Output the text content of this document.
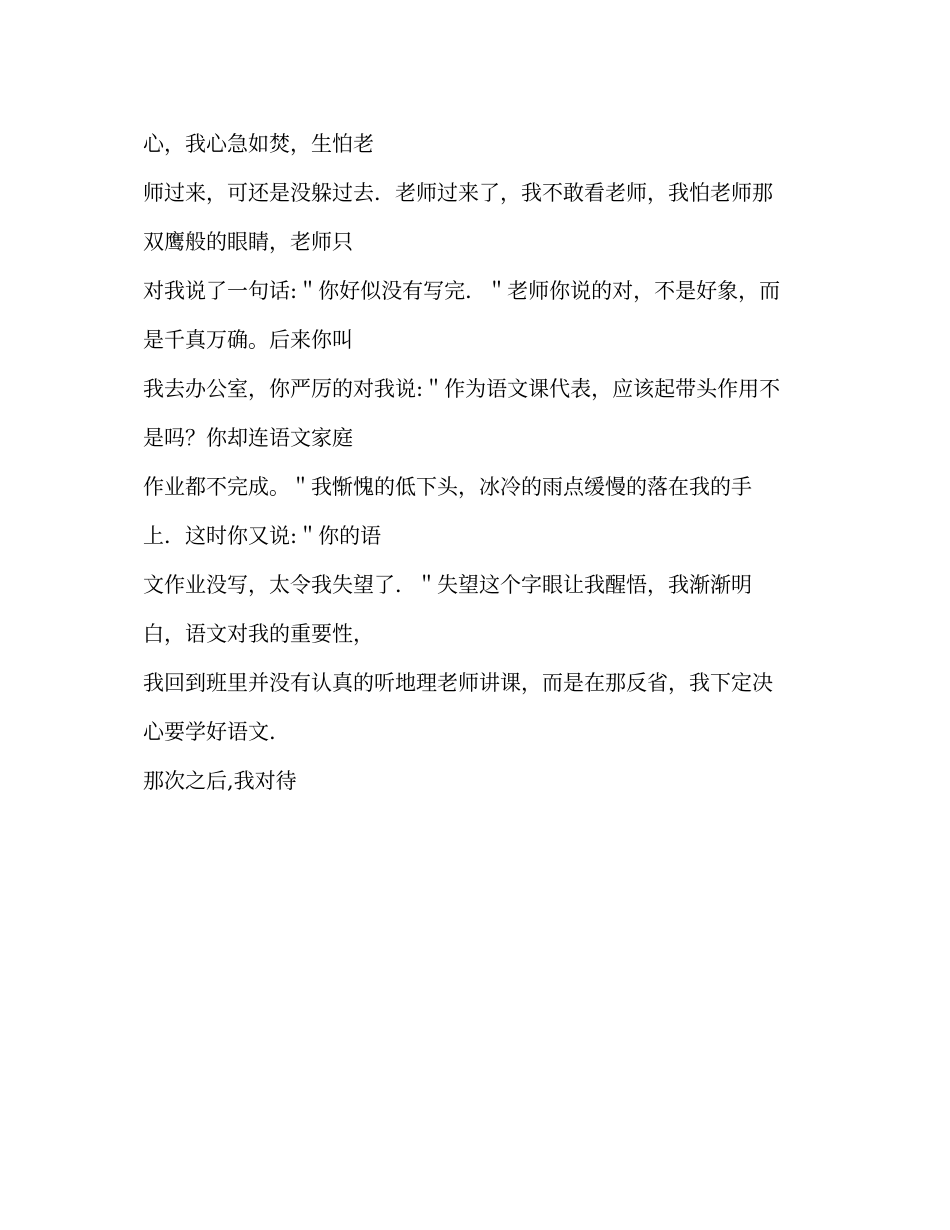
心，我心急如焚，生怕老
师过来，可还是没躲过去．老师过来了，我不敢看老师，我怕老师那
双鹰般的眼睛，老师只
对我说了一句话:＂你好似没有写完．＂老师你说的对，不是好象，而
是千真万确。后来你叫
我去办公室，你严厉的对我说:＂作为语文课代表，应该起带头作用不
是吗？你却连语文家庭
作业都不完成。＂我惭愧的低下头，冰冷的雨点缓慢的落在我的手
上．这时你又说:＂你的语
文作业没写，太令我失望了．＂失望这个字眼让我醒悟，我渐渐明
白，语文对我的重要性，
我回到班里并没有认真的听地理老师讲课，而是在那反省，我下定决
心要学好语文.
那次之后,我对待
